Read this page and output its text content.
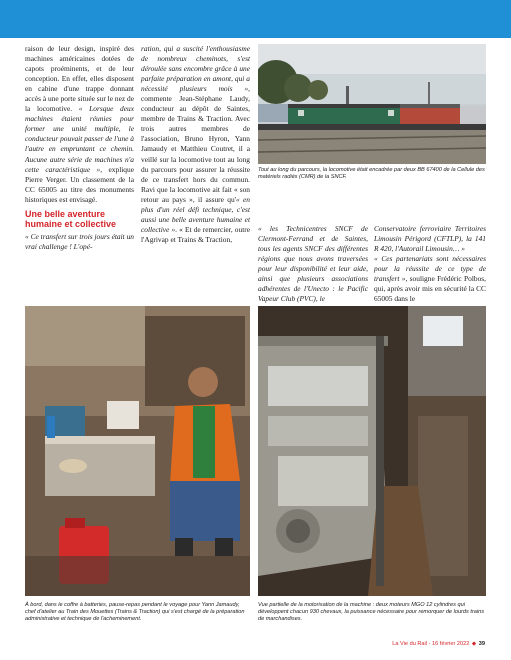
raison de leur design, inspiré des machines américaines dotées de capots proéminents, et de leur conception. En effet, elles disposent en cabine d'une trappe donnant accès à une porte située sur le nez de la locomotive. « Lorsque deux machines étaient réunies pour former une unité multiple, le conducteur pouvait passer de l'une à l'autre en empruntant ce chemin. Aucune autre série de machines n'a cette caractéristique », explique Pierre Verger. Un classement de la CC 65005 au titre des monuments historiques est envisagé.

Une belle aventure humaine et collective

« Ce transfert sur trois jours était un vrai challenge ! L'opé-

ration, qui a suscité l'enthousiasme de nombreux cheminots, s'est déroulée sans encombre grâce à une parfaite préparation en amont, qui a nécessité plusieurs mois », commente Jean-Stéphane Laudy, conducteur au dépôt de Saintes, membre de Trains & Traction. Avec trois autres membres de l'association, Bruno Hyron, Yann Jamaudy et Matthieu Coutret, il a veillé sur la locomotive tout au long du parcours pour assurer la réussite de ce transfert hors du commun. Ravi que la locomotive ait fait « son retour au pays », il assure qu'« en plus d'un réel défi technique, c'est aussi une belle aventure humaine et collective ». « Et de remercier, outre l'Agrivap et Trains & Traction,

Tout au long du parcours, la locomotive était encadrée par deux BB 67400 de la Cellule des matériels radiés (CMR) de la SNCF.

« les Technicentres SNCF de Clermont-Ferrand et de Saintes, tous les agents SNCF des différentes régions que nous avons traversées pour leur disponibilité et leur aide, ainsi que plusieurs associations adhérentes de l'Unecto : le Pacific Vapeur Club (PVC), le

Conservatoire ferroviaire Territoires Limousin Périgord (CFTLP), la 141 R 420, l'Autorail Limousin… »

« Ces partenariats sont nécessaires pour la réussite de ce type de transfert », souligne Frédéric Polbos, qui, après avoir mis en sécurité la CC 65005 dans le

À bord, dans le coffre à batteries, pause-repas pendant le voyage pour Yann Jamaudy, chef d'atelier au Train des Mouettes (Trains & Traction) qui s'est chargé de la préparation administrative et technique de l'acheminement.
Vue partielle de la motorisation de la machine : deux moteurs MGO 12 cylindres qui développent chacun 930 chevaux, la puissance nécessaire pour remorquer de lourds trains de marchandises.
La Vie du Rail - 16 février 2022 ◆ 39
